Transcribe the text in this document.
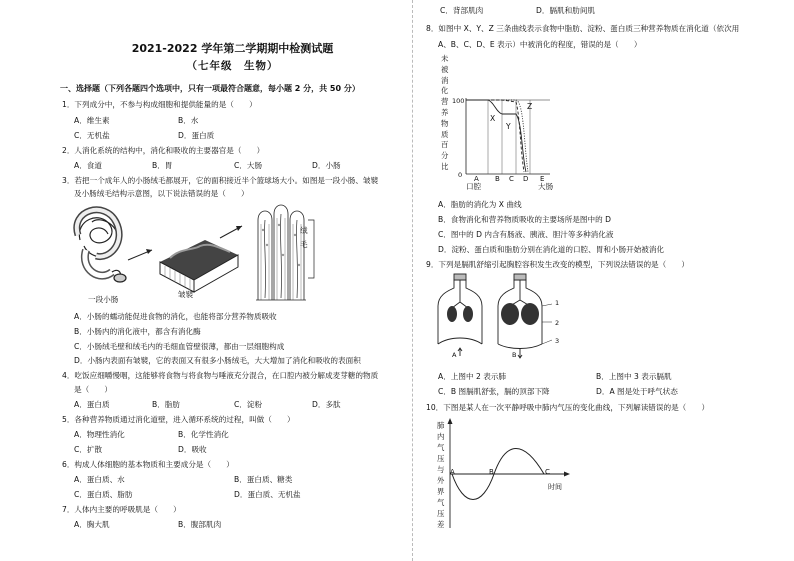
2021-2022 学年第二学期期中检测试题
（七年级　生物）
一、选择题（下列各题四个选项中，只有一项最符合题意，每小题 2 分，共 50 分）
1．下列成分中，不参与构成细胞和提供能量的是（　　）
A．维生素	B．水
C．无机盐	D．蛋白质
2．人消化系统的结构中，消化和吸收的主要器官是（　　）
A．食道	B．胃	C．大肠	D．小肠
3．若把一个成年人的小肠绒毛都展开，它的面积接近半个篮球场大小。如图是一段小肠、皱襞
及小肠绒毛结构示意图，以下说法错误的是（　　）
绒
毛
皱襞
一段小肠
A．小肠的蠕动能促进食物的消化，也能将部分营养物质吸收
B．小肠内的消化液中，都含有消化酶
C．小肠绒毛壁和绒毛内的毛细血管壁很薄，都由一层细胞构成
D．小肠内表面有皱襞，它的表面又有很多小肠绒毛，大大增加了消化和吸收的表面积
4．吃饭应细嚼慢咽，这能够将食物与将食物与唾液充分混合，在口腔内被分解成麦芽糖的物质
是（　　）
A．蛋白质	B．脂肪	C．淀粉	D．多肽
5．各种营养物质通过消化道壁，进入循环系统的过程，叫做（　　）
A．物理性消化	B．化学性消化
C．扩散	D．吸收
6．构成人体细胞的基本物质和主要成分是（　　）
A．蛋白质、水	B．蛋白质、糖类
C．蛋白质、脂肪	D．蛋白质、无机盐
7．人体内主要的呼吸肌是（　　）
A．胸大肌	B．腹部肌肉
C．背部肌肉	D．膈肌和肋间肌
8．如图中 X、Y、Z 三条曲线表示食物中脂肪、淀粉、蛋白质三种营养物质在消化道（依次用
A、B、C、D、E 表示）中被消化的程度，错误的是（　　）
未
被
消
化
营
养
物
质
百
分
比
100
0
X
Y
Z
A B C D E
口腔	大肠
A．脂肪的消化为 X 曲线
B．食物消化和营养物质吸收的主要场所是图中的 D
C．图中的 D 内含有肠液、胰液、胆汁等多种消化液
D．淀粉、蛋白质和脂肪分别在消化道的口腔、胃和小肠开始被消化
9．下列是膈肌舒缩引起胸腔容积发生改变的模型，下列说法错误的是（　　）
1
2
3
A	B
A．上图中 2 表示肺	B．上图中 3 表示膈肌
C．B 图膈肌舒张，膈的顶部下降	D．A 图是处于呼气状态
10．下图是某人在一次平静呼吸中肺内气压的变化曲线，下列解读错误的是（　　）
肺
内
气
压
与
外
界
气
压
差
A	B	C
时间
